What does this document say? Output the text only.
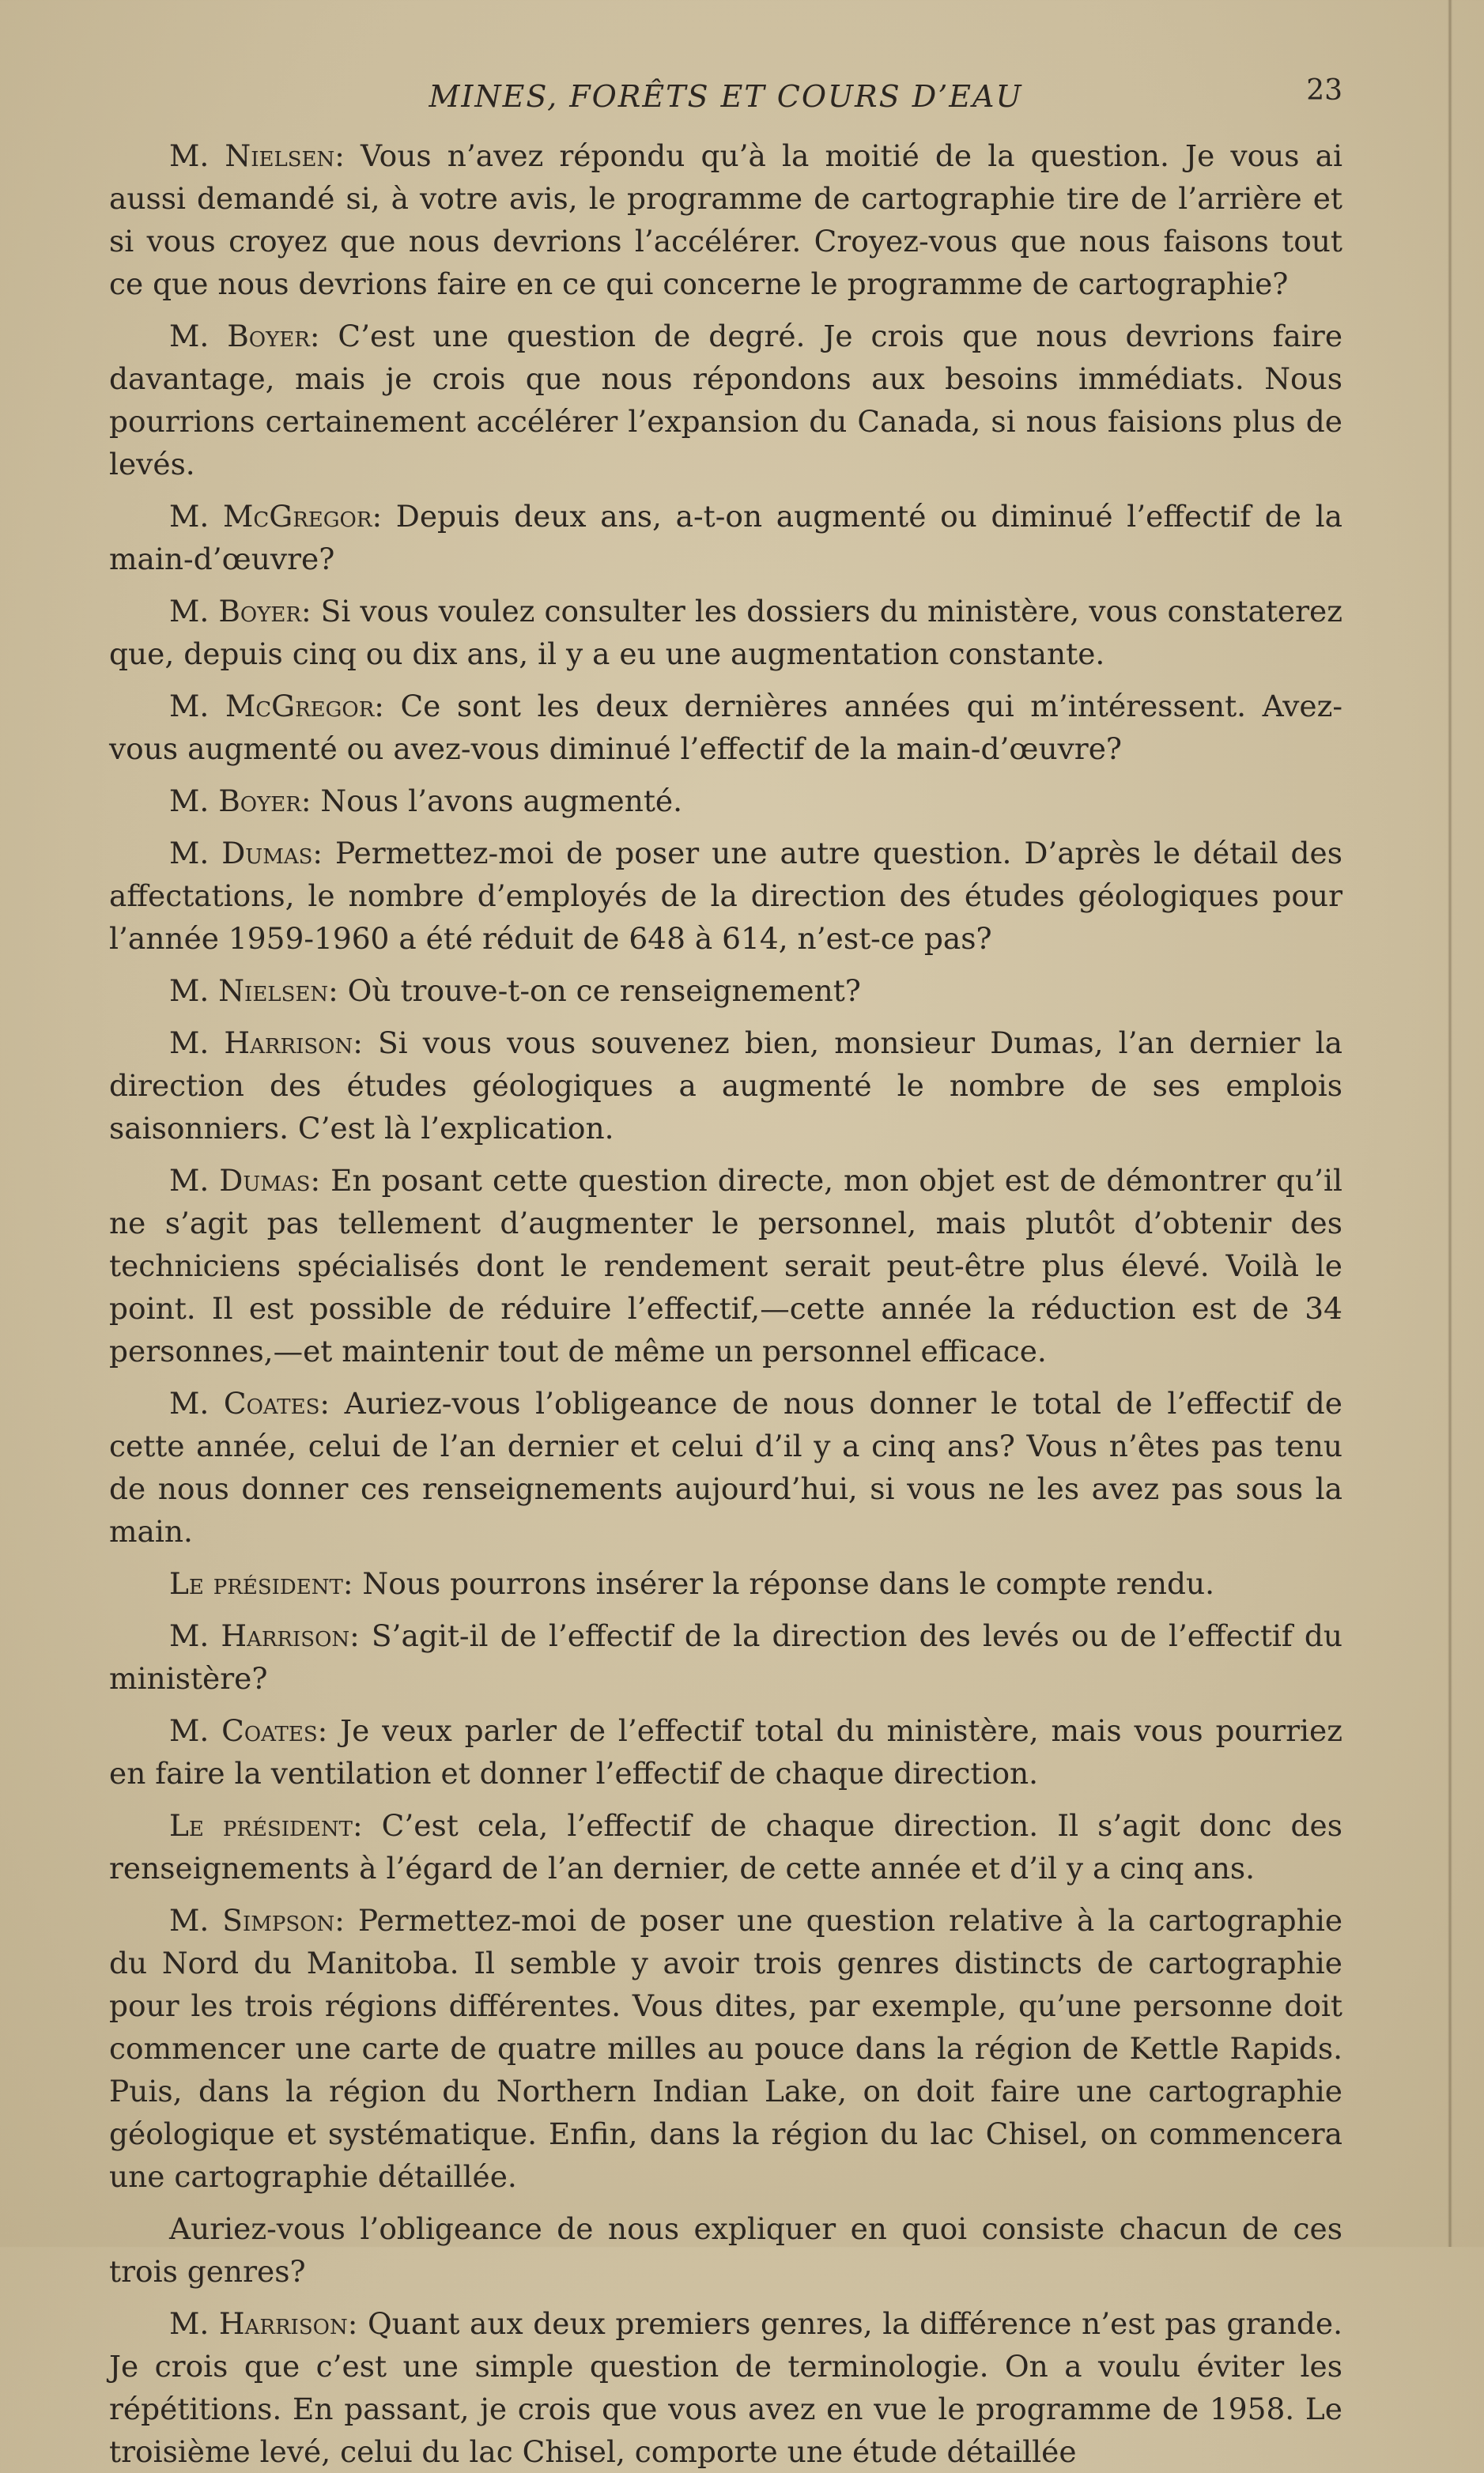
MINES, FORÊTS ET COURS D’EAU	23

M. Nielsen: Vous n’avez répondu qu’à la moitié de la question. Je vous ai aussi demandé si, à votre avis, le programme de cartographie tire de l’arrière et si vous croyez que nous devrions l’accélérer. Croyez-vous que nous faisons tout ce que nous devrions faire en ce qui concerne le programme de cartographie?

M. Boyer: C’est une question de degré. Je crois que nous devrions faire davantage, mais je crois que nous répondons aux besoins immédiats. Nous pourrions certainement accélérer l’expansion du Canada, si nous faisions plus de levés.

M. McGregor: Depuis deux ans, a-t-on augmenté ou diminué l’effectif de la main-d’œuvre?

M. Boyer: Si vous voulez consulter les dossiers du ministère, vous constaterez que, depuis cinq ou dix ans, il y a eu une augmentation constante.

M. McGregor: Ce sont les deux dernières années qui m’intéressent. Avez-vous augmenté ou avez-vous diminué l’effectif de la main-d’œuvre?

M. Boyer: Nous l’avons augmenté.

M. Dumas: Permettez-moi de poser une autre question. D’après le détail des affectations, le nombre d’employés de la direction des études géologiques pour l’année 1959-1960 a été réduit de 648 à 614, n’est-ce pas?

M. Nielsen: Où trouve-t-on ce renseignement?

M. Harrison: Si vous vous souvenez bien, monsieur Dumas, l’an dernier la direction des études géologiques a augmenté le nombre de ses emplois saisonniers. C’est là l’explication.

M. Dumas: En posant cette question directe, mon objet est de démontrer qu’il ne s’agit pas tellement d’augmenter le personnel, mais plutôt d’obtenir des techniciens spécialisés dont le rendement serait peut-être plus élevé. Voilà le point. Il est possible de réduire l’effectif,—cette année la réduction est de 34 personnes,—et maintenir tout de même un personnel efficace.

M. Coates: Auriez-vous l’obligeance de nous donner le total de l’effectif de cette année, celui de l’an dernier et celui d’il y a cinq ans? Vous n’êtes pas tenu de nous donner ces renseignements aujourd’hui, si vous ne les avez pas sous la main.

Le président: Nous pourrons insérer la réponse dans le compte rendu.

M. Harrison: S’agit-il de l’effectif de la direction des levés ou de l’effectif du ministère?

M. Coates: Je veux parler de l’effectif total du ministère, mais vous pourriez en faire la ventilation et donner l’effectif de chaque direction.

Le président: C’est cela, l’effectif de chaque direction. Il s’agit donc des renseignements à l’égard de l’an dernier, de cette année et d’il y a cinq ans.

M. Simpson: Permettez-moi de poser une question relative à la cartographie du Nord du Manitoba. Il semble y avoir trois genres distincts de cartographie pour les trois régions différentes. Vous dites, par exemple, qu’une personne doit commencer une carte de quatre milles au pouce dans la région de Kettle Rapids. Puis, dans la région du Northern Indian Lake, on doit faire une cartographie géologique et systématique. Enfin, dans la région du lac Chisel, on commencera une cartographie détaillée.

Auriez-vous l’obligeance de nous expliquer en quoi consiste chacun de ces trois genres?

M. Harrison: Quant aux deux premiers genres, la différence n’est pas grande. Je crois que c’est une simple question de terminologie. On a voulu éviter les répétitions. En passant, je crois que vous avez en vue le programme de 1958. Le troisième levé, celui du lac Chisel, comporte une étude détaillée
